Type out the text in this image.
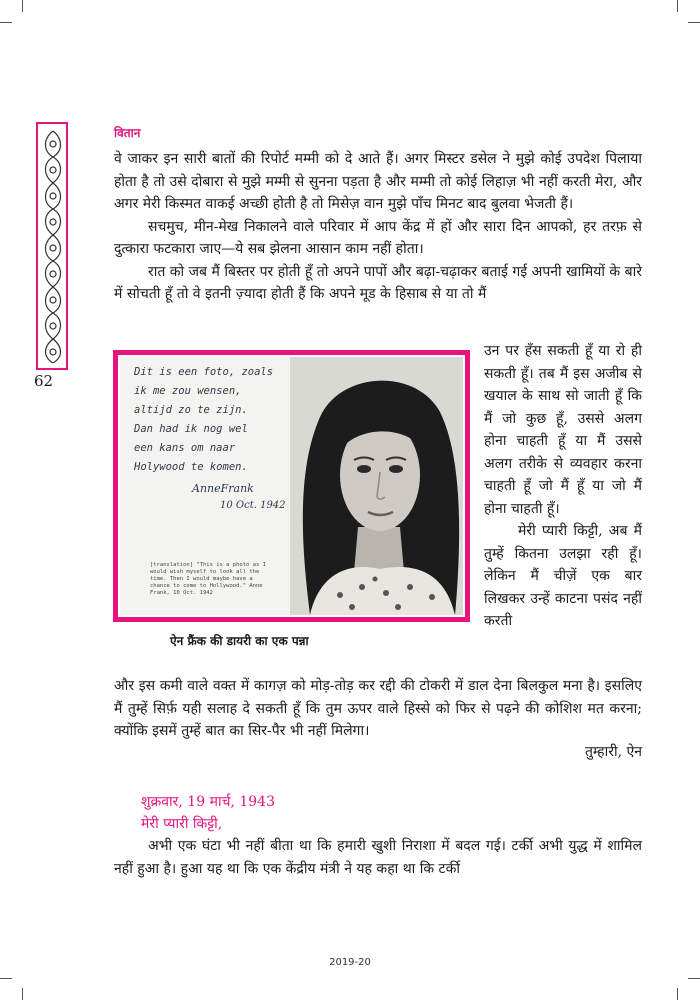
62
वितान

वे जाकर इन सारी बातों की रिपोर्ट मम्मी को दे आते हैं। अगर मिस्टर डसेल ने मुझे कोई उपदेश पिलाया होता है तो उसे दोबारा से मुझे मम्मी से सुनना पड़ता है और मम्मी तो कोई लिहाज़ भी नहीं करती मेरा, और अगर मेरी किस्मत वाकई अच्छी होती है तो मिसेज़ वान मुझे पाँच मिनट बाद बुलवा भेजती हैं।

सचमुच, मीन-मेख निकालने वाले परिवार में आप केंद्र में हों और सारा दिन आपको, हर तरफ़ से दुत्कारा फटकारा जाए—ये सब झेलना आसान काम नहीं होता।

रात को जब मैं बिस्तर पर होती हूँ तो अपने पापों और बढ़ा-चढ़ाकर बताई गई अपनी खामियों के बारे में सोचती हूँ तो वे इतनी ज़्यादा होती हैं कि अपने मूड के हिसाब से या तो मैं

Dit is een foto, zoals
ik me zou wensen,
altijd zo te zijn.
Dan had ik nog wel
een kans om naar
Holywood te komen.
AnneFrank
10 Oct. 1942
[translation] "This is a photo as I would wish myself to look all the time. Then I would maybe have a chance to come to Hollywood." Anne Frank, 10 Oct. 1942
ऐन फ्रैंक की डायरी का एक पन्ना

उन पर हँस सकती हूँ या रो ही सकती हूँ। तब मैं इस अजीब से खयाल के साथ सो जाती हूँ कि मैं जो कुछ हूँ, उससे अलग होना चाहती हूँ या मैं उससे अलग तरीके से व्यवहार करना चाहती हूँ जो मैं हूँ या जो मैं होना चाहती हूँ।

मेरी प्यारी किट्टी, अब मैं तुम्हें कितना उलझा रही हूँ। लेकिन मैं चीज़ें एक बार लिखकर उन्हें काटना पसंद नहीं करती

और इस कमी वाले वक्त में कागज़ को मोड़-तोड़ कर रद्दी की टोकरी में डाल देना बिलकुल मना है। इसलिए मैं तुम्हें सिर्फ़ यही सलाह दे सकती हूँ कि तुम ऊपर वाले हिस्से को फिर से पढ़ने की कोशिश मत करना; क्योंकि इसमें तुम्हें बात का सिर-पैर भी नहीं मिलेगा।

तुम्हारी, ऐन
शुक्रवार, 19 मार्च, 1943
मेरी प्यारी किट्टी,

अभी एक घंटा भी नहीं बीता था कि हमारी खुशी निराशा में बदल गई। टर्की अभी युद्ध में शामिल नहीं हुआ है। हुआ यह था कि एक केंद्रीय मंत्री ने यह कहा था कि टर्की

2019-20
